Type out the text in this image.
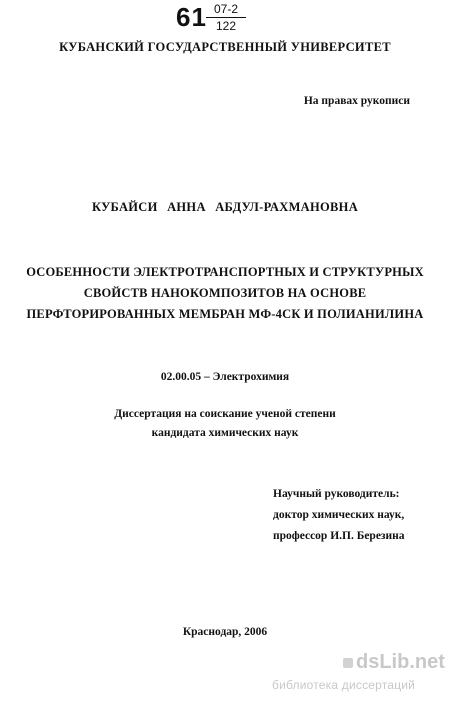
$61 \frac{07-2}{122}$
КУБАНСКИЙ ГОСУДАРСТВЕННЫЙ УНИВЕРСИТЕТ
На правах рукописи
КУБАЙСИ АННА АБДУЛ-РАХМАНОВНА
ОСОБЕННОСТИ ЭЛЕКТРОТРАНСПОРТНЫХ И СТРУКТУРНЫХ
СВОЙСТВ НАНОКОМПОЗИТОВ НА ОСНОВЕ
ПЕРФТОРИРОВАННЫХ МЕМБРАН МФ-4СК И ПОЛИАНИЛИНА
02.00.05 – Электрохимия
Диссертация на соискание ученой степени
кандидата химических наук
Научный руководитель:
доктор химических наук,
профессор И.П. Березина
Краснодар, 2006
dsLib.net
библиотека диссертаций
